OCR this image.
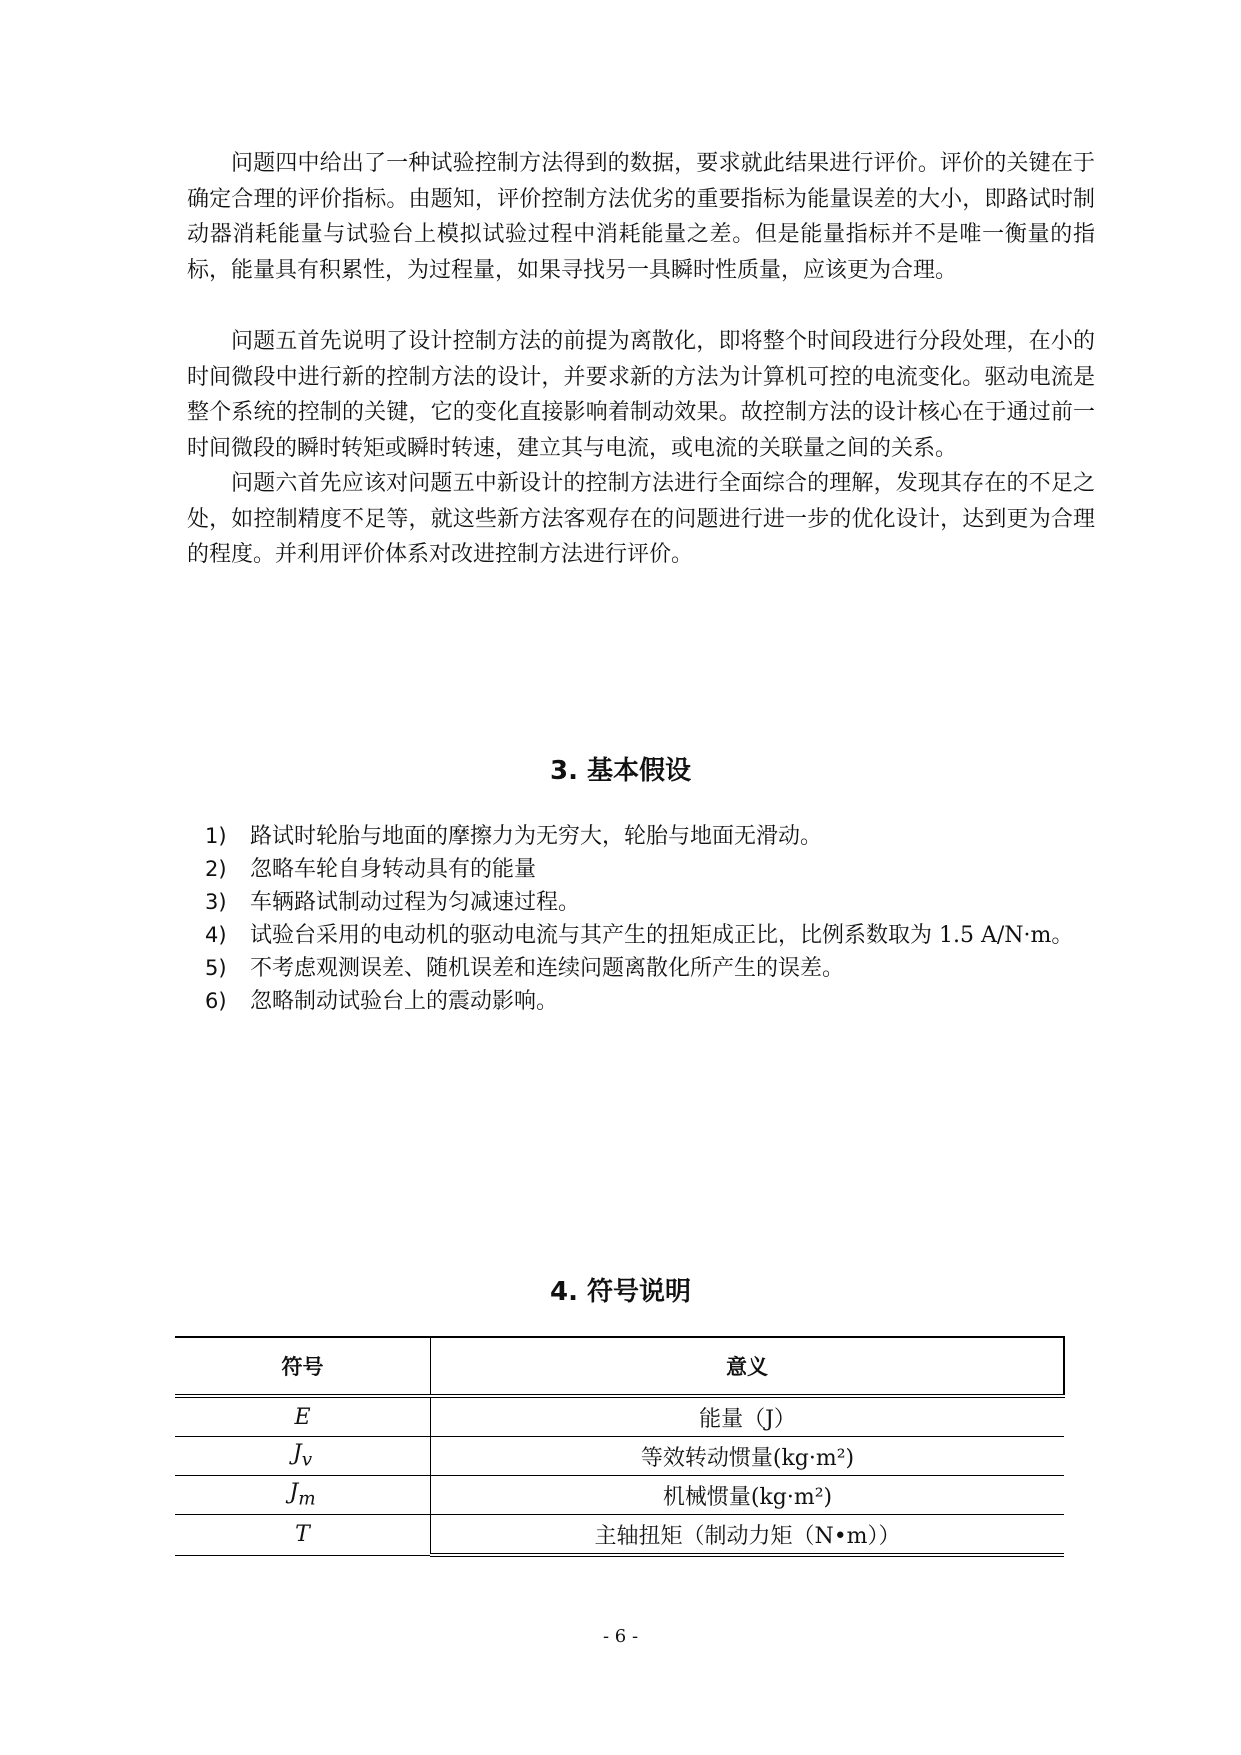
问题四中给出了一种试验控制方法得到的数据，要求就此结果进行评价。评价的关键在于确定合理的评价指标。由题知，评价控制方法优劣的重要指标为能量误差的大小，即路试时制动器消耗能量与试验台上模拟试验过程中消耗能量之差。但是能量指标并不是唯一衡量的指标，能量具有积累性，为过程量，如果寻找另一具瞬时性质量，应该更为合理。

问题五首先说明了设计控制方法的前提为离散化，即将整个时间段进行分段处理，在小的时间微段中进行新的控制方法的设计，并要求新的方法为计算机可控的电流变化。驱动电流是整个系统的控制的关键，它的变化直接影响着制动效果。故控制方法的设计核心在于通过前一时间微段的瞬时转矩或瞬时转速，建立其与电流，或电流的关联量之间的关系。

问题六首先应该对问题五中新设计的控制方法进行全面综合的理解，发现其存在的不足之处，如控制精度不足等，就这些新方法客观存在的问题进行进一步的优化设计，达到更为合理的程度。并利用评价体系对改进控制方法进行评价。

3. 基本假设
1) 路试时轮胎与地面的摩擦力为无穷大，轮胎与地面无滑动。
2) 忽略车轮自身转动具有的能量
3) 车辆路试制动过程为匀减速过程。
4) 试验台采用的电动机的驱动电流与其产生的扭矩成正比，比例系数取为 1.5 A/N·m。
5) 不考虑观测误差、随机误差和连续问题离散化所产生的误差。
6) 忽略制动试验台上的震动影响。
4. 符号说明
符号	意义
E	能量（J）
$J_v$	等效转动惯量(kg·m²)
$J_m$	机械惯量(kg·m²)
T	主轴扭矩（制动力矩（N•m））

- 6 -
